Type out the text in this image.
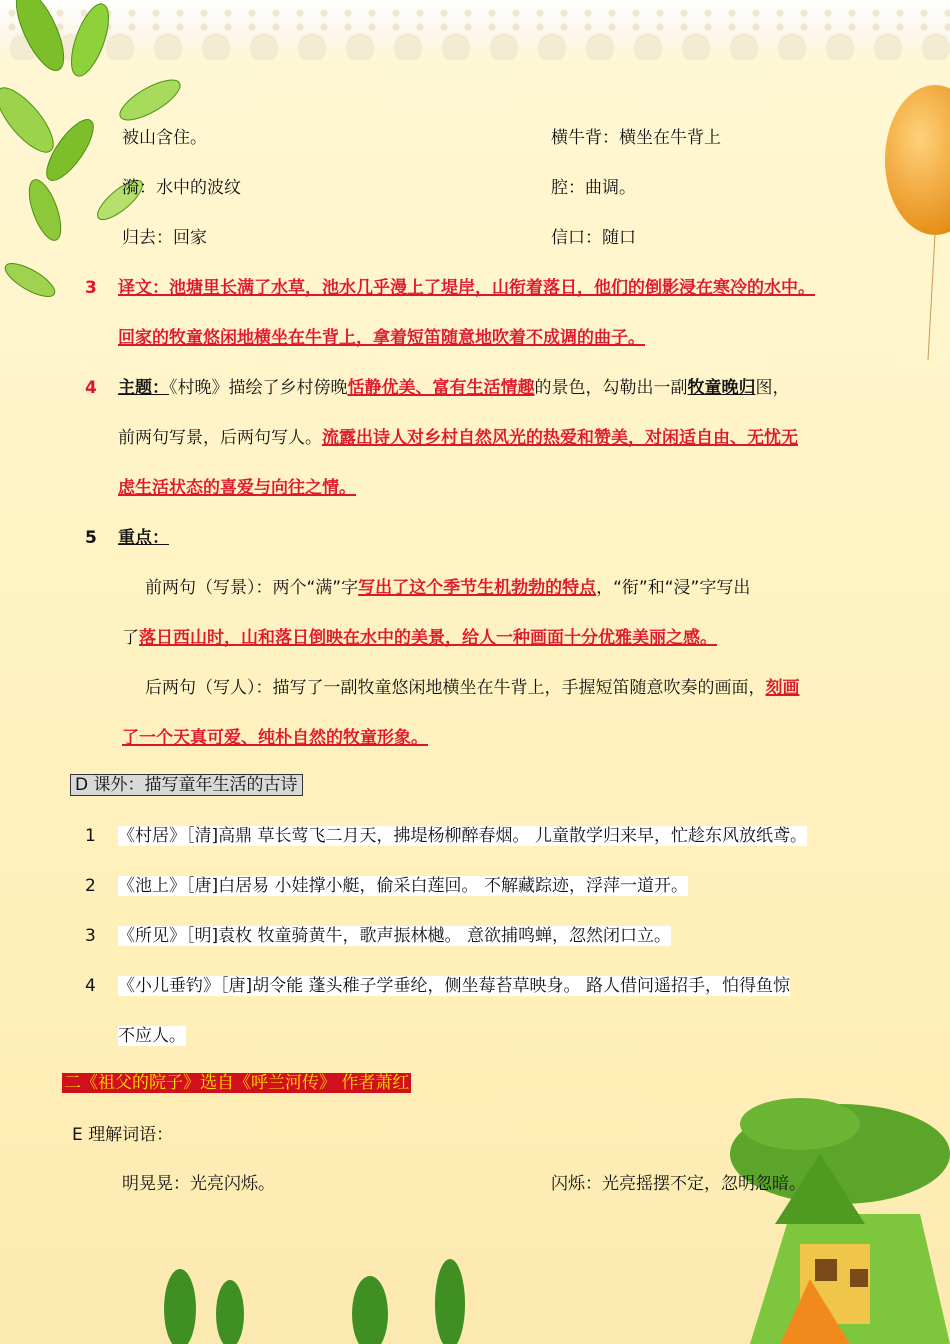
被山含住。	横牛背：横坐在牛背上
漪：水中的波纹	腔：曲调。
归去：回家	信口：随口
3 译文：池塘里长满了水草，池水几乎漫上了堤岸，山衔着落日，他们的倒影浸在寒冷的水中。
回家的牧童悠闲地横坐在牛背上，拿着短笛随意地吹着不成调的曲子。
4 主题：《村晚》描绘了乡村傍晚恬静优美、富有生活情趣的景色，勾勒出一副牧童晚归图，
前两句写景，后两句写人。流露出诗人对乡村自然风光的热爱和赞美，对闲适自由、无忧无
虑生活状态的喜爱与向往之情。
5 重点：
前两句（写景）：两个“满”字写出了这个季节生机勃勃的特点，“衔”和“浸”字写出
了落日西山时，山和落日倒映在水中的美景，给人一种画面十分优雅美丽之感。
后两句（写人）：描写了一副牧童悠闲地横坐在牛背上，手握短笛随意吹奏的画面，刻画
了一个天真可爱、纯朴自然的牧童形象。
D 课外：描写童年生活的古诗
1 《村居》［清]高鼎 草长莺飞二月天，拂堤杨柳醉春烟。 儿童散学归来早，忙趁东风放纸鸢。
2 《池上》［唐]白居易 小娃撑小艇，偷采白莲回。 不解藏踪迹，浮萍一道开。
3 《所见》［明]袁枚 牧童骑黄牛，歌声振林樾。 意欲捕鸣蝉，忽然闭口立。
4 《小儿垂钓》［唐]胡令能 蓬头稚子学垂纶，侧坐莓苔草映身。 路人借问遥招手，怕得鱼惊
不应人。
二《祖父的院子》选自《呼兰河传》 作者萧红
E 理解词语：
明晃晃：光亮闪烁。	闪烁：光亮摇摆不定，忽明忽暗。
